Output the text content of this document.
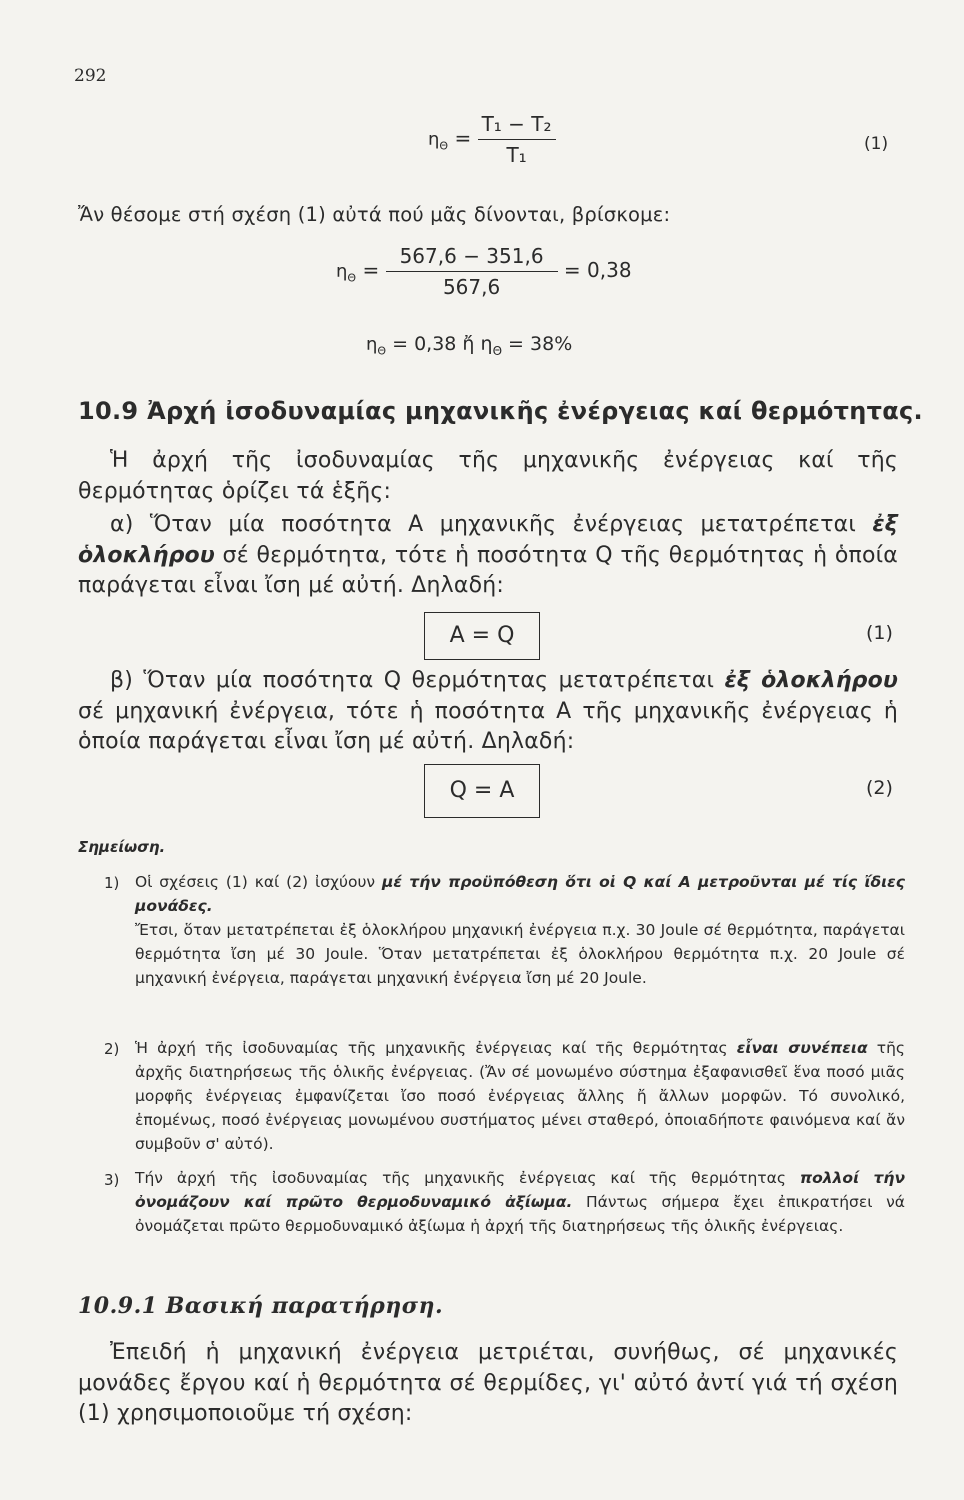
292
$\eta_\Theta = \frac{\text{T₁ − T₂}}{\text{T₁}}$	(1)
Ἄν θέσομε στή σχέση (1) αὐτά πού μᾶς δίνονται, βρίσκομε:
$\eta_\Theta = \frac{567,6 - 351,6}{567,6} = 0,38$
$\eta_\Theta = 0,38$ ἤ $\eta_\Theta = 38\%$
10.9 Ἀρχή ἰσοδυναμίας μηχανικῆς ἐνέργειας καί θερμότητας.
Ἡ ἀρχή τῆς ἰσοδυναμίας τῆς μηχανικῆς ἐνέργειας καί τῆς θερμότητας ὁρίζει τά ἑξῆς:
α) Ὅταν μία ποσότητα A μηχανικῆς ἐνέργειας μετατρέπεται ἐξ ὁλοκλήρου σέ θερμότητα, τότε ἡ ποσότητα Q τῆς θερμότητας ἡ ὁποία παράγεται εἶναι ἴση μέ αὐτή. Δηλαδή:
A = Q	(1)
β) Ὅταν μία ποσότητα Q θερμότητας μετατρέπεται ἐξ ὁλοκλήρου σέ μηχανική ἐνέργεια, τότε ἡ ποσότητα A τῆς μηχανικῆς ἐνέργειας ἡ ὁποία παράγεται εἶναι ἴση μέ αὐτή. Δηλαδή:
Q = A	(2)
Σημείωση.
1) Οἱ σχέσεις (1) καί (2) ἰσχύουν μέ τήν προϋπόθεση ὅτι οἱ Q καί A μετροῦνται μέ τίς ἴδιες μονάδες.

Ἔτσι, ὅταν μετατρέπεται ἐξ ὁλοκλήρου μηχανική ἐνέργεια π.χ. 30 Joule σέ θερμότητα, παράγεται θερμότητα ἴση μέ 30 Joule. Ὅταν μετατρέπεται ἐξ ὁλοκλήρου θερμότητα π.χ. 20 Joule σέ μηχανική ἐνέργεια, παράγεται μηχανική ἐνέργεια ἴση μέ 20 Joule.

2) Ἡ ἀρχή τῆς ἰσοδυναμίας τῆς μηχανικῆς ἐνέργειας καί τῆς θερμότητας εἶναι συνέπεια τῆς ἀρχῆς διατηρήσεως τῆς ὁλικῆς ἐνέργειας. (Ἄν σέ μονωμένο σύστημα ἐξαφανισθεῖ ἕνα ποσό μιᾶς μορφῆς ἐνέργειας ἐμφανίζεται ἴσο ποσό ἐνέργειας ἄλλης ἤ ἄλλων μορφῶν. Τό συνολικό, ἑπομένως, ποσό ἐνέργειας μονωμένου συστήματος μένει σταθερό, ὁποιαδήποτε φαινόμενα καί ἄν συμβοῦν σ' αὐτό).

3) Τήν ἀρχή τῆς ἰσοδυναμίας τῆς μηχανικῆς ἐνέργειας καί τῆς θερμότητας πολλοί τήν ὀνομάζουν καί πρῶτο θερμοδυναμικό ἀξίωμα. Πάντως σήμερα ἔχει ἐπικρατήσει νά ὀνομάζεται πρῶτο θερμοδυναμικό ἀξίωμα ἡ ἀρχή τῆς διατηρήσεως τῆς ὁλικῆς ἐνέργειας.

10.9.1 Βασική παρατήρηση.
Ἐπειδή ἡ μηχανική ἐνέργεια μετριέται, συνήθως, σέ μηχανικές μονάδες ἔργου καί ἡ θερμότητα σέ θερμίδες, γι' αὐτό ἀντί γιά τή σχέση (1) χρησιμοποιοῦμε τή σχέση:
